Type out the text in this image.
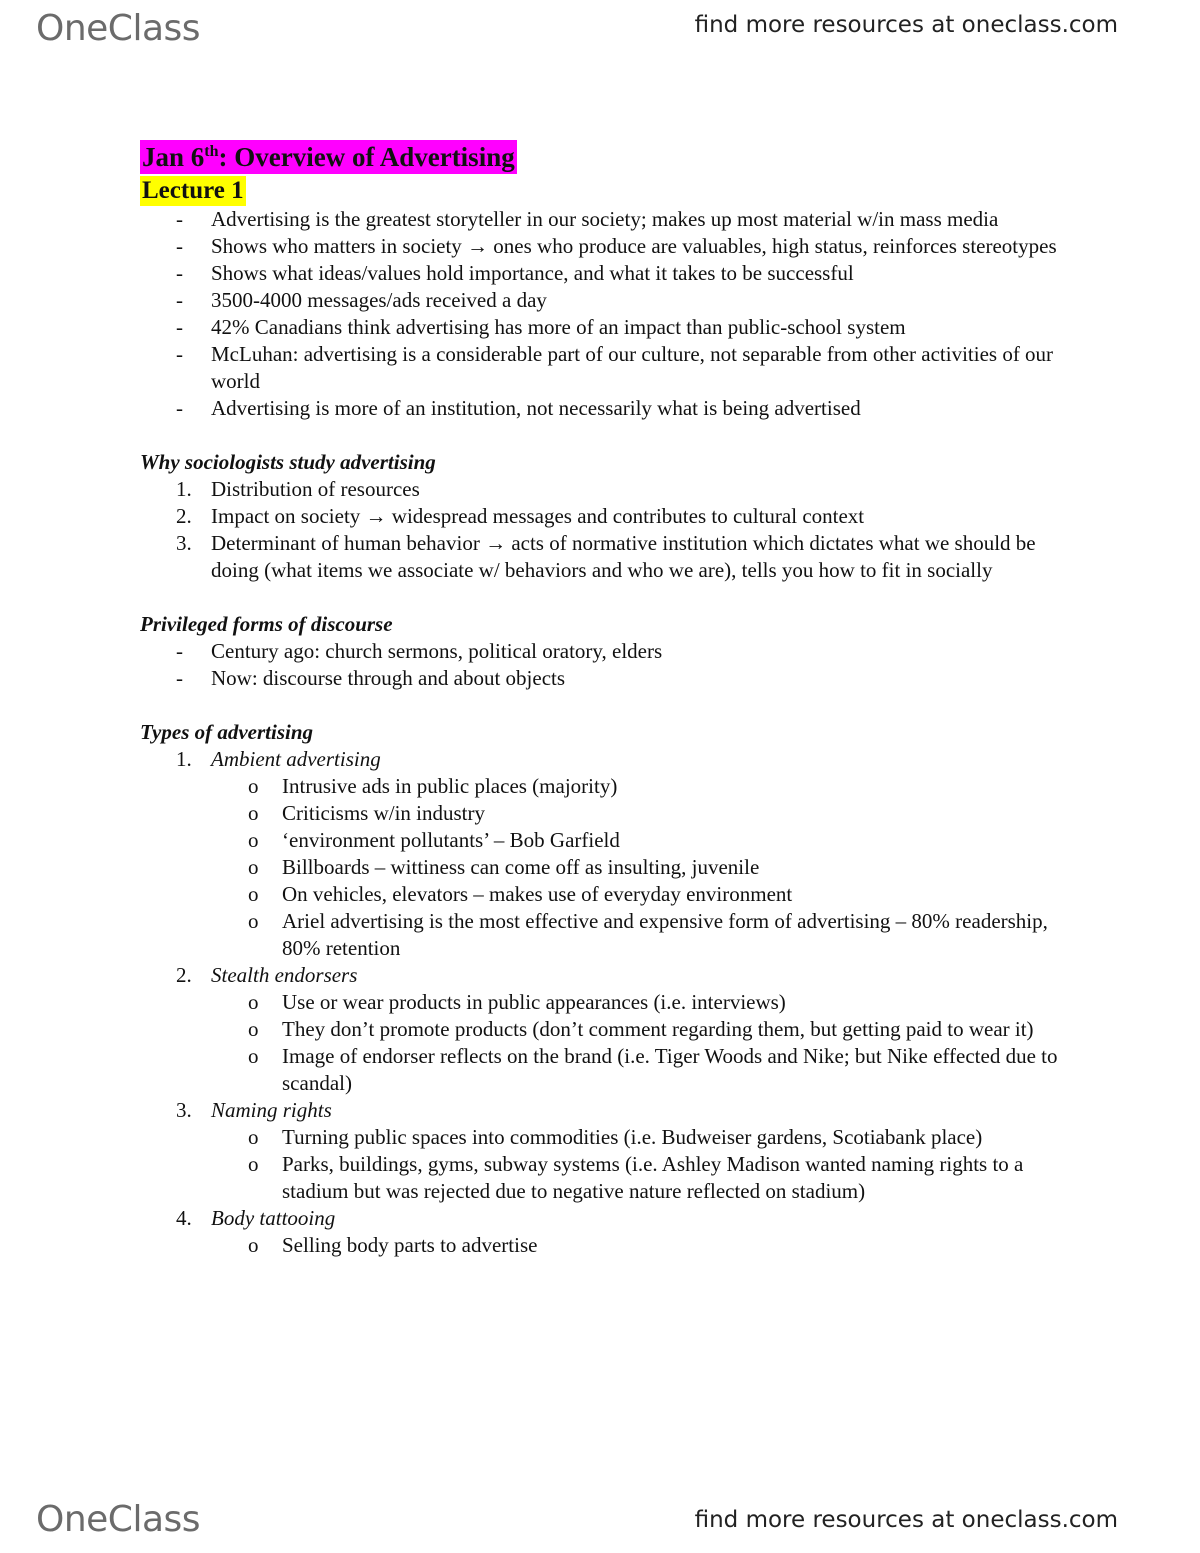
OneClass	find more resources at oneclass.com
Jan 6th: Overview of Advertising
Lecture 1
- Advertising is the greatest storyteller in our society; makes up most material w/in mass media
- Shows who matters in society → ones who produce are valuables, high status, reinforces stereotypes
- Shows what ideas/values hold importance, and what it takes to be successful
- 3500-4000 messages/ads received a day
- 42% Canadians think advertising has more of an impact than public-school system
- McLuhan: advertising is a considerable part of our culture, not separable from other activities of our world
- Advertising is more of an institution, not necessarily what is being advertised
Why sociologists study advertising
1. Distribution of resources
2. Impact on society → widespread messages and contributes to cultural context
3. Determinant of human behavior → acts of normative institution which dictates what we should be doing (what items we associate w/ behaviors and who we are), tells you how to fit in socially
Privileged forms of discourse
- Century ago: church sermons, political oratory, elders
- Now: discourse through and about objects
Types of advertising
1. Ambient advertising
o Intrusive ads in public places (majority)
o Criticisms w/in industry
o ‘environment pollutants’ – Bob Garfield
o Billboards – wittiness can come off as insulting, juvenile
o On vehicles, elevators – makes use of everyday environment
o Ariel advertising is the most effective and expensive form of advertising – 80% readership, 80% retention
2. Stealth endorsers
o Use or wear products in public appearances (i.e. interviews)
o They don’t promote products (don’t comment regarding them, but getting paid to wear it)
o Image of endorser reflects on the brand (i.e. Tiger Woods and Nike; but Nike effected due to scandal)
3. Naming rights
o Turning public spaces into commodities (i.e. Budweiser gardens, Scotiabank place)
o Parks, buildings, gyms, subway systems (i.e. Ashley Madison wanted naming rights to a stadium but was rejected due to negative nature reflected on stadium)
4. Body tattooing
o Selling body parts to advertise
OneClass	find more resources at oneclass.com
